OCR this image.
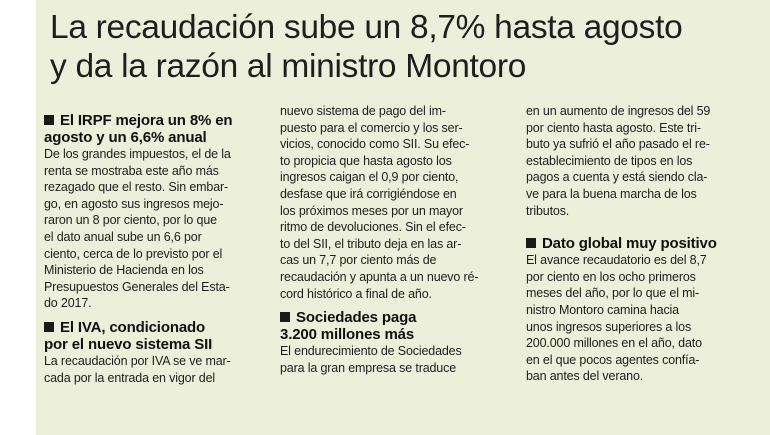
La recaudación sube un 8,7% hasta agosto
y da la razón al ministro Montoro

El IRPF mejora un 8% en

agosto y un 6,6% anual

De los grandes impuestos, el de la

renta se mostraba este año más

rezagado que el resto. Sin embar-

go, en agosto sus ingresos mejo-

raron un 8 por ciento, por lo que

el dato anual sube un 6,6 por

ciento, cerca de lo previsto por el

Ministerio de Hacienda en los

Presupuestos Generales del Esta-

do 2017.

El IVA, condicionado

por el nuevo sistema SII

La recaudación por IVA se ve mar-

cada por la entrada en vigor del

nuevo sistema de pago del im-

puesto para el comercio y los ser-

vicios, conocido como SII. Su efec-

to propicia que hasta agosto los

ingresos caigan el 0,9 por ciento,

desfase que irá corrigiéndose en

los próximos meses por un mayor

ritmo de devoluciones. Sin el efec-

to del SII, el tributo deja en las ar-

cas un 7,7 por ciento más de

recaudación y apunta a un nuevo ré-

cord histórico a final de año.

Sociedades paga

3.200 millones más

El endurecimiento de Sociedades

para la gran empresa se traduce

en un aumento de ingresos del 59

por ciento hasta agosto. Este tri-

buto ya sufrió el año pasado el re-

establecimiento de tipos en los

pagos a cuenta y está siendo cla-

ve para la buena marcha de los

tributos.

Dato global muy positivo

El avance recaudatorio es del 8,7

por ciento en los ocho primeros

meses del año, por lo que el mi-

nistro Montoro camina hacia

unos ingresos superiores a los

200.000 millones en el año, dato

en el que pocos agentes confía-

ban antes del verano.
